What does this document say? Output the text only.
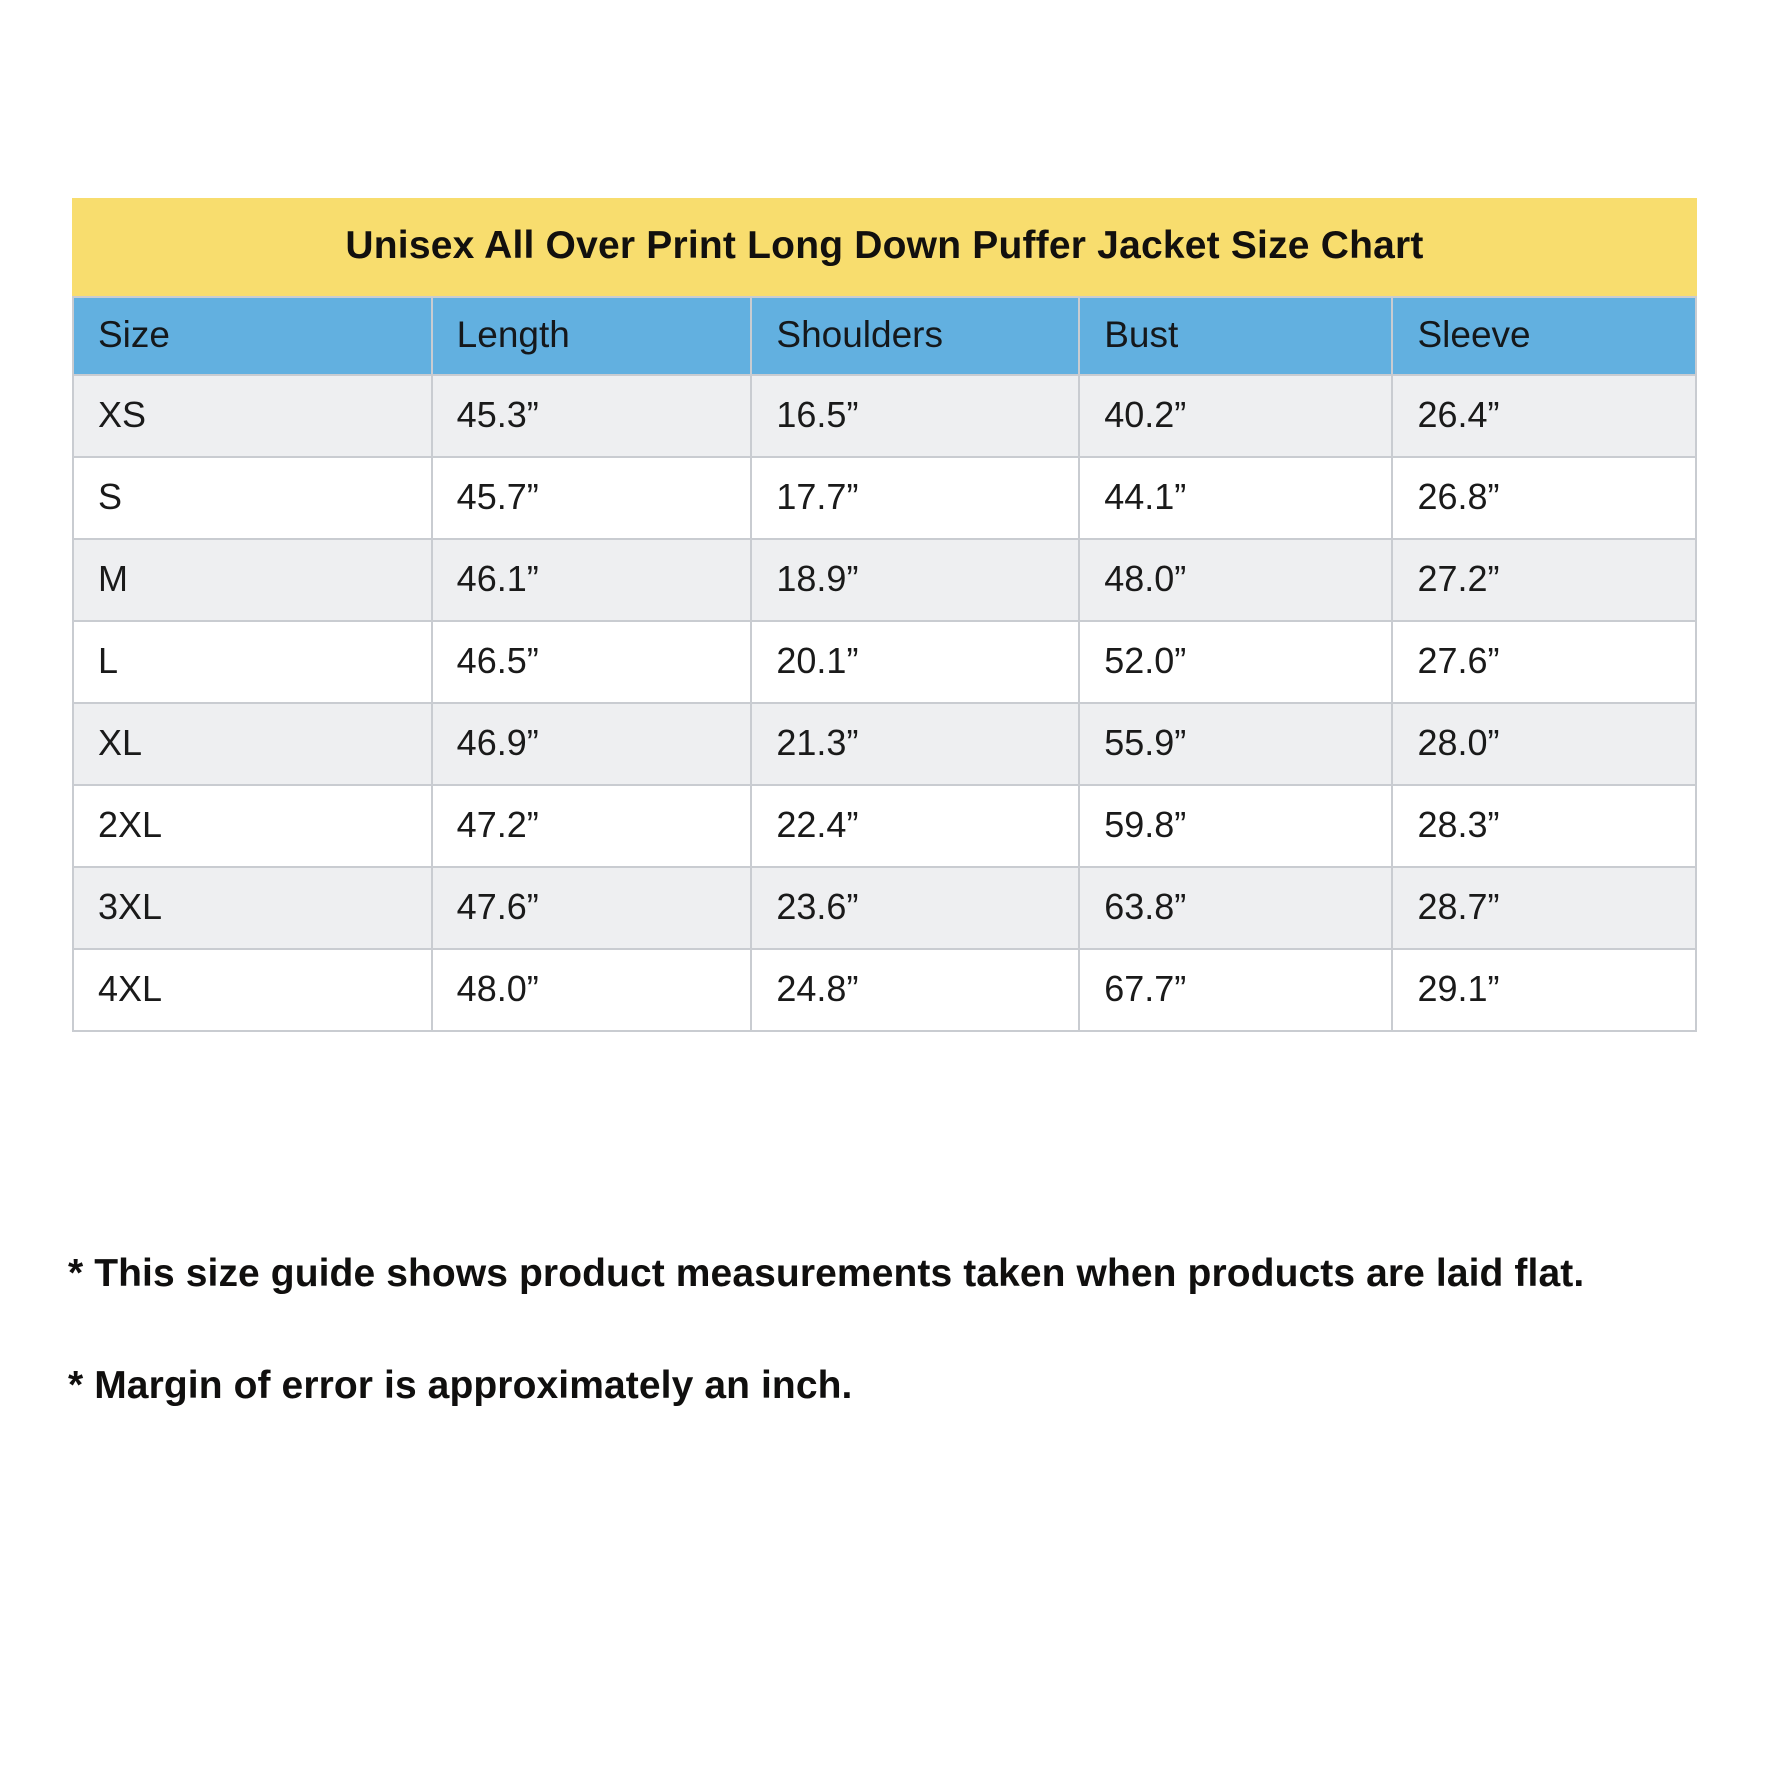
Unisex All Over Print Long Down Puffer Jacket Size Chart
Size	Length	Shoulders	Bust	Sleeve
XS	45.3”	16.5”	40.2”	26.4”
S	45.7”	17.7”	44.1”	26.8”
M	46.1”	18.9”	48.0”	27.2”
L	46.5”	20.1”	52.0”	27.6”
XL	46.9”	21.3”	55.9”	28.0”
2XL	47.2”	22.4”	59.8”	28.3”
3XL	47.6”	23.6”	63.8”	28.7”
4XL	48.0”	24.8”	67.7”	29.1”
* This size guide shows product measurements taken when products are laid flat.
* Margin of error is approximately an inch.
